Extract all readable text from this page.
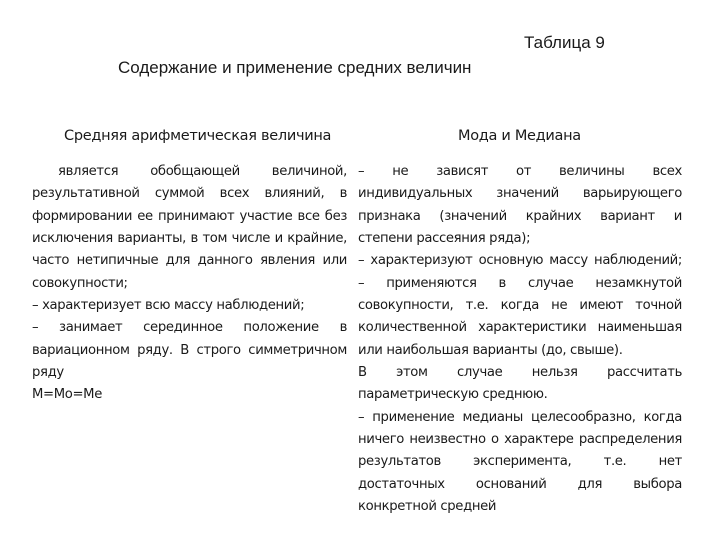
Таблица 9
Содержание и применение средних величин
Средняя арифметическая величина	Мода и Медиана
является обобщающей величиной,
результативной суммой всех влияний, в
формировании ее принимают участие все без
исключения варианты, в том числе и крайние,
часто нетипичные для данного явления или
совокупности;
– характеризует всю массу наблюдений;
– занимает серединное положение в
вариационном ряду. В строго симметричном
ряду
M=Mo=Me
– не зависят от величины всех
индивидуальных значений варьирующего
признака (значений крайних вариант и
степени рассеяния ряда);
– характеризуют основную массу наблюдений;
– применяются в случае незамкнутой
совокупности, т.е. когда не имеют точной
количественной характеристики наименьшая
или наибольшая варианты (до, свыше).
В этом случае нельзя рассчитать
параметрическую среднюю.
– применение медианы целесообразно, когда
ничего неизвестно о характере распределения
результатов эксперимента, т.е. нет
достаточных оснований для выбора
конкретной средней
